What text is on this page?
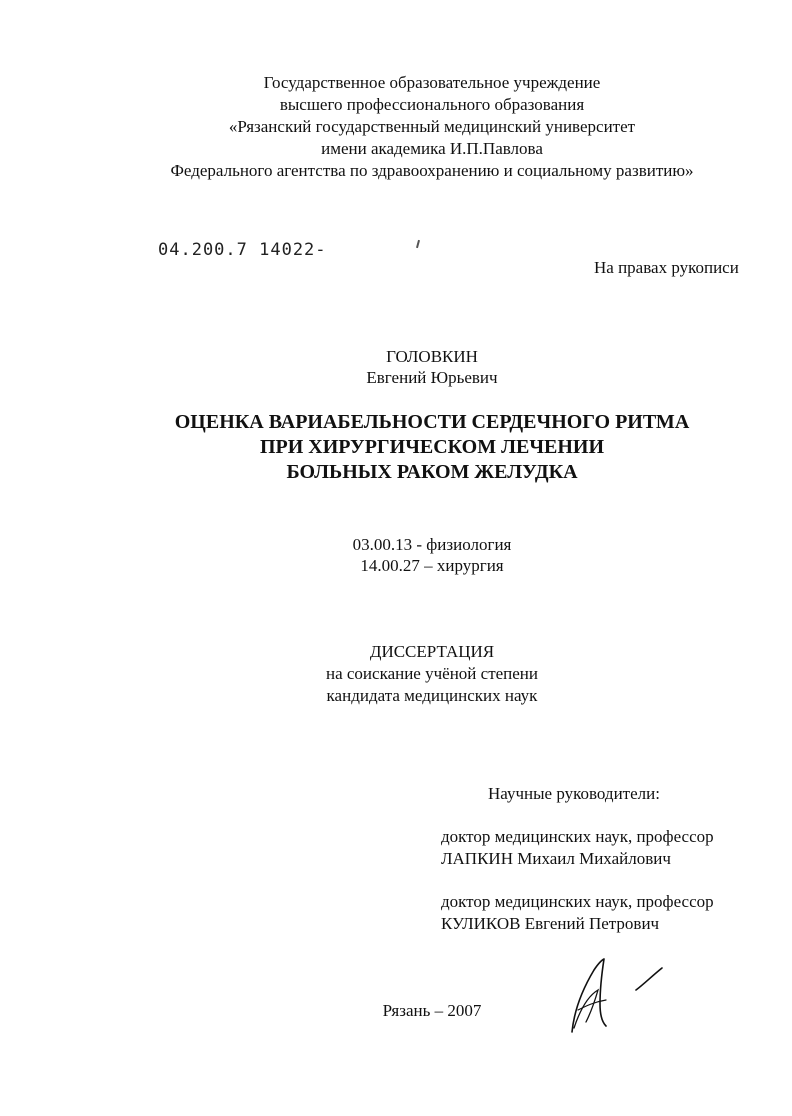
Государственное образовательное учреждение
высшего профессионального образования
«Рязанский государственный медицинский университет
имени академика И.П.Павлова
Федерального агентства по здравоохранению и социальному развитию»
04.200.7 14022-
На правах рукописи
ГОЛОВКИН
Евгений Юрьевич
ОЦЕНКА ВАРИАБЕЛЬНОСТИ СЕРДЕЧНОГО РИТМА
ПРИ ХИРУРГИЧЕСКОМ ЛЕЧЕНИИ
БОЛЬНЫХ РАКОМ ЖЕЛУДКА
03.00.13 - физиология
14.00.27 – хирургия
ДИССЕРТАЦИЯ
на соискание учёной степени
кандидата медицинских наук
Научные руководители:
доктор медицинских наук, профессор
ЛАПКИН Михаил Михайлович
доктор медицинских наук, профессор
КУЛИКОВ Евгений Петрович
Рязань – 2007
